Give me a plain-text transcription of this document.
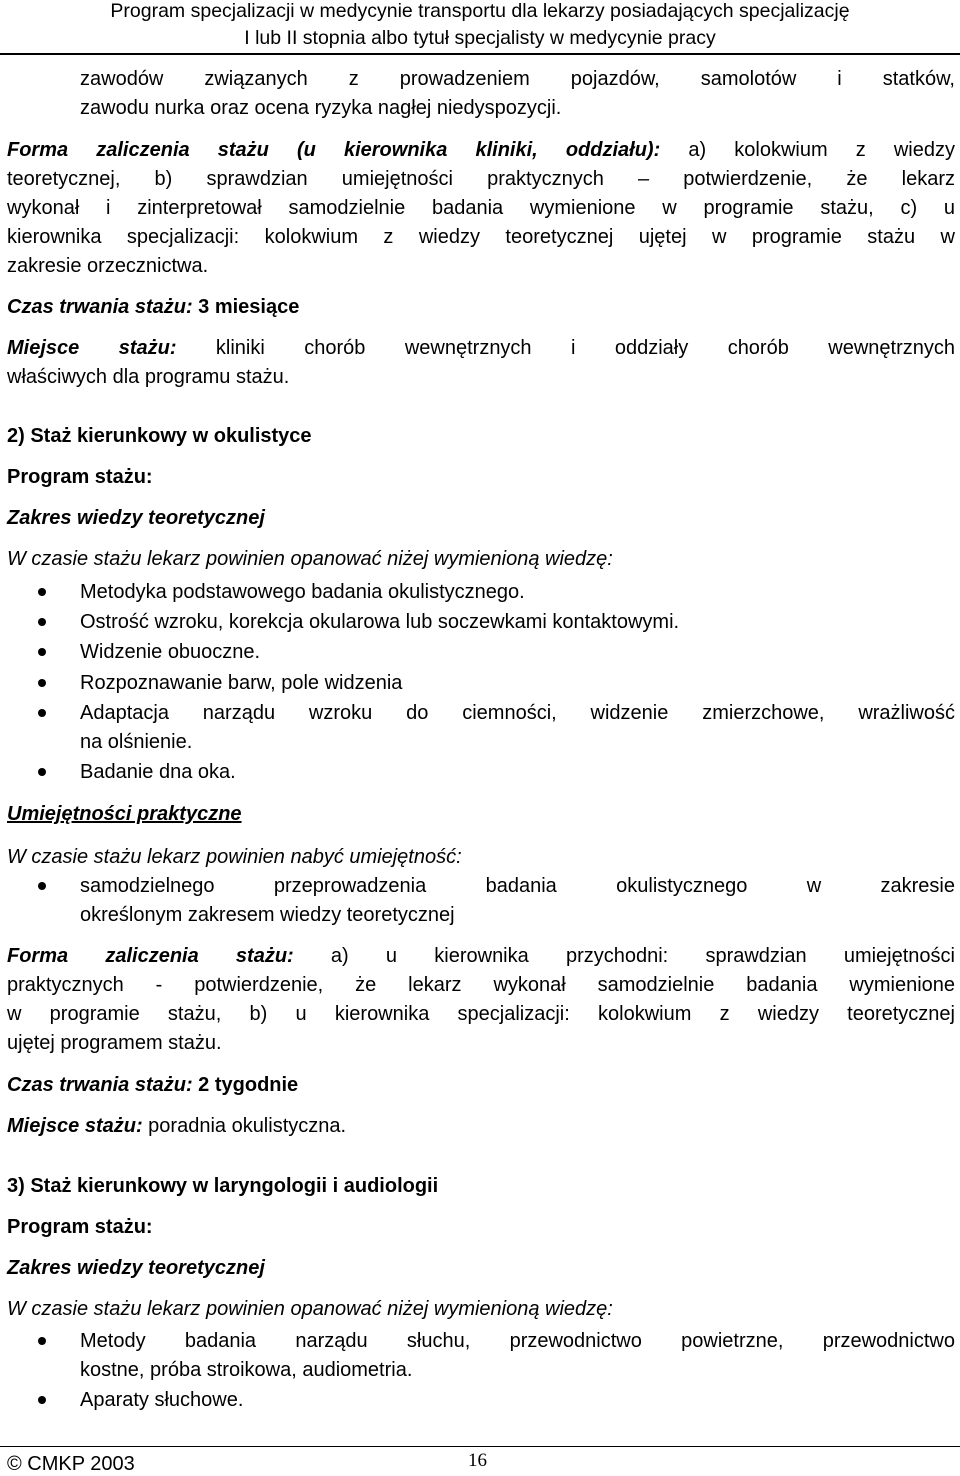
Program specjalizacji w medycynie transportu dla lekarzy posiadających specjalizację
I lub II stopnia albo tytuł specjalisty w medycynie pracy
zawodów związanych z prowadzeniem pojazdów, samolotów i statków,
zawodu nurka oraz ocena ryzyka nagłej niedyspozycji.
Forma zaliczenia stażu (u kierownika kliniki, oddziału): a) kolokwium z wiedzy
teoretycznej, b) sprawdzian umiejętności praktycznych – potwierdzenie, że lekarz
wykonał i zinterpretował samodzielnie badania wymienione w programie stażu, c) u
kierownika specjalizacji: kolokwium z wiedzy teoretycznej ujętej w programie stażu w
zakresie orzecznictwa.
Czas trwania stażu: 3 miesiące
Miejsce stażu: kliniki chorób wewnętrznych i oddziały chorób wewnętrznych
właściwych dla programu stażu.
2) Staż kierunkowy w okulistyce
Program stażu:
Zakres wiedzy teoretycznej
W czasie stażu lekarz powinien opanować niżej wymienioną wiedzę:
Metodyka podstawowego badania okulistycznego.
Ostrość wzroku, korekcja okularowa lub soczewkami kontaktowymi.
Widzenie obuoczne.
Rozpoznawanie barw, pole widzenia
Adaptacja narządu wzroku do ciemności, widzenie zmierzchowe, wrażliwość
na olśnienie.
Badanie dna oka.
Umiejętności praktyczne
W czasie stażu lekarz powinien nabyć umiejętność:
samodzielnego przeprowadzenia badania okulistycznego w zakresie
określonym zakresem wiedzy teoretycznej
Forma zaliczenia stażu: a) u kierownika przychodni: sprawdzian umiejętności
praktycznych - potwierdzenie, że lekarz wykonał samodzielnie badania wymienione
w programie stażu, b) u kierownika specjalizacji: kolokwium z wiedzy teoretycznej
ujętej programem stażu.
Czas trwania stażu: 2 tygodnie
Miejsce stażu: poradnia okulistyczna.
3) Staż kierunkowy w laryngologii i audiologii
Program stażu:
Zakres wiedzy teoretycznej
W czasie stażu lekarz powinien opanować niżej wymienioną wiedzę:
Metody badania narządu słuchu, przewodnictwo powietrzne, przewodnictwo
kostne, próba stroikowa, audiometria.
Aparaty słuchowe.
© CMKP 2003	16
